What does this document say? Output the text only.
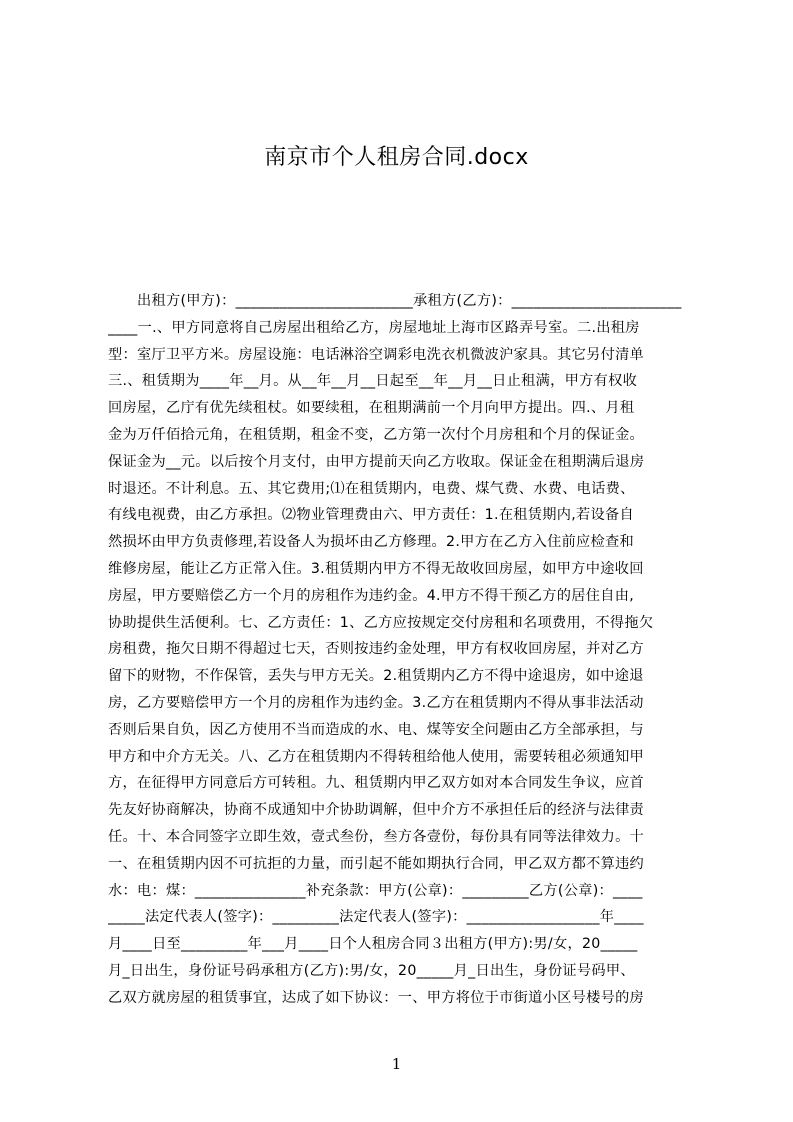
南京市个人租房合同.docx
出租方(甲方)：________________________承租方(乙方)：_______________________
____一.、甲方同意将自己房屋出租给乙方，房屋地址上海市区路弄号室。二.出租房
型：室厅卫平方米。房屋设施：电话淋浴空调彩电洗衣机微波沪家具。其它另付清单
三.、租赁期为____年__月。从__年__月__日起至__年__月__日止租满，甲方有权收
回房屋，乙庁有优先续租杖。如要续租，在租期满前一个月向甲方提出。四.、月租
金为万仟佰拾元角，在租赁期，租金不变，乙方第一次付个月房租和个月的保证金。
保证金为__元。以后按个月支付，由甲方提前天向乙方收取。保证金在租期满后退房
时退还。不计利息。五、其它费用;⑴在租赁期内，电费、煤气费、水费、电话费、
有线电视费，由乙方承担。⑵物业管理费由六、甲方责任：1.在租赁期内,若设备自
然损坏由甲方负责修理,若设备人为损坏由乙方修理。2.甲方在乙方入住前应检查和
维修房屋，能让乙方正常入住。3.租赁期内甲方不得无故收回房屋，如甲方中途收回
房屋，甲方要赔偿乙方一个月的房租作为违约金。4.甲方不得干预乙方的居住自由,
协助提供生活便利。七、乙方责任：1、乙方应按规定交付房租和名项费用，不得拖欠
房租费，拖欠日期不得超过七天，否则按违约金处理，甲方有权收回房屋，并对乙方
留下的财物，不作保管，丢失与甲方无关。2.租赁期内乙方不得中途退房，如中途退
房，乙方要赔偿甲方一个月的房租作为违约金。3.乙方在租赁期内不得从事非法活动
否则后果自负，因乙方使用不当而造成的水、电、煤等安全问题由乙方全部承担，与
甲方和中介方无关。八、乙方在租赁期内不得转租给他人使用，需要转租必须通知甲
方，在征得甲方同意后方可转租。九、租赁期内甲乙双方如对本合同发生争议，应首
先友好协商解决，协商不成通知中介协助调解，但中介方不承担任后的经济与法律责
任。十、本合同签字立即生效，壹式叁份，叁方各壹份，每份具有同等法律效力。十
一、在租赁期内因不可抗拒的力量，而引起不能如期执行合同，甲乙双方都不算违约
水：电：煤：_______________补充条款：甲方(公章)：_________乙方(公章)：____
_____法定代表人(签字)：_________法定代表人(签字)：__________________年____
月____日至_________年___月____日个人租房合同３出租方(甲方):男/女，20_____
月_日出生，身份证号码承租方(乙方):男/女，20_____月_日出生，身份证号码甲、
乙双方就房屋的租赁事宜，达成了如下协议：一、甲方将位于市街道小区号楼号的房
1
